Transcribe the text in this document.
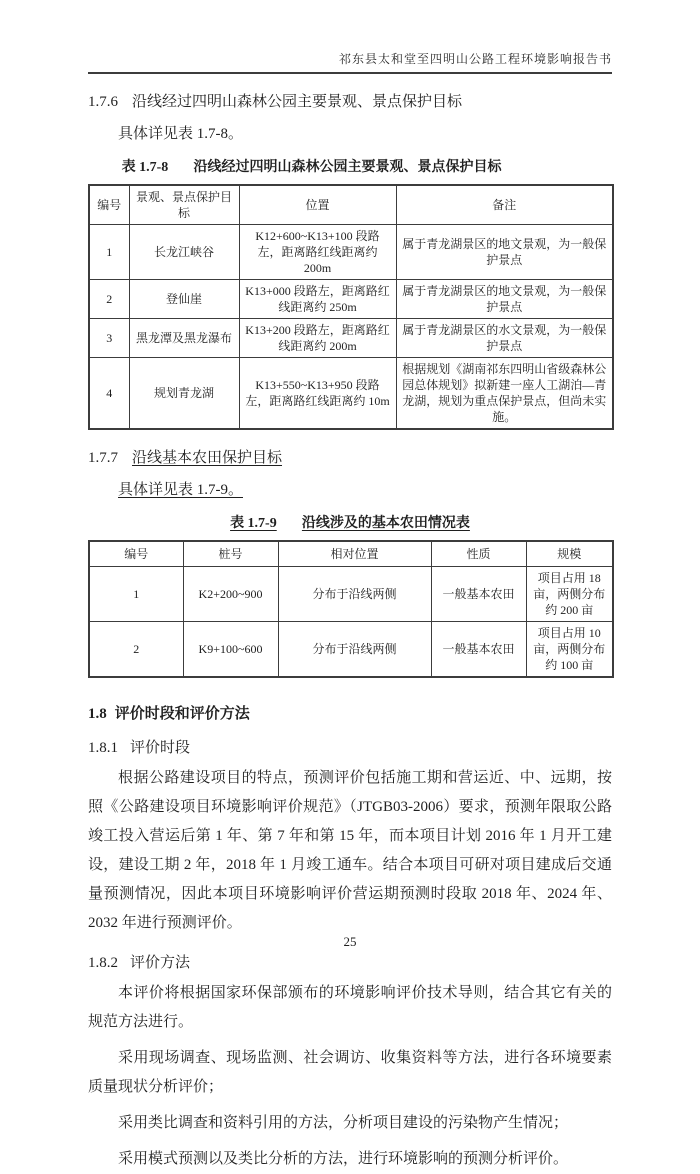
祁东县太和堂至四明山公路工程环境影响报告书
1.7.6 沿线经过四明山森林公园主要景观、景点保护目标
具体详见表 1.7-8。
表 1.7-8 沿线经过四明山森林公园主要景观、景点保护目标
编号	景观、景点保护目标	位置	备注
1	长龙江峡谷	K12+600~K13+100 段路左，距离路红线距离约 200m	属于青龙湖景区的地文景观，为一般保护景点
2	登仙崖	K13+000 段路左，距离路红线距离约 250m	属于青龙湖景区的地文景观，为一般保护景点
3	黑龙潭及黑龙瀑布	K13+200 段路左，距离路红线距离约 200m	属于青龙湖景区的水文景观，为一般保护景点
4	规划青龙湖	K13+550~K13+950 段路左，距离路红线距离约 10m	根据规划《湖南祁东四明山省级森林公园总体规划》拟新建一座人工湖泊—青龙湖，规划为重点保护景点，但尚未实施。
1.7.7 沿线基本农田保护目标
具体详见表 1.7-9。
表 1.7-9 沿线涉及的基本农田情况表
编号	桩号	相对位置	性质	规模
1	K2+200~900	分布于沿线两侧	一般基本农田	项目占用 18 亩，两侧分布约 200 亩
2	K9+100~600	分布于沿线两侧	一般基本农田	项目占用 10 亩，两侧分布约 100 亩
1.8 评价时段和评价方法
1.8.1 评价时段

根据公路建设项目的特点，预测评价包括施工期和营运近、中、远期，按照《公路建设项目环境影响评价规范》（JTGB03-2006）要求，预测年限取公路竣工投入营运后第 1 年、第 7 年和第 15 年，而本项目计划 2016 年 1 月开工建设，建设工期 2 年，2018 年 1 月竣工通车。结合本项目可研对项目建成后交通量预测情况，因此本项目环境影响评价营运期预测时段取 2018 年、2024 年、2032 年进行预测评价。

1.8.2 评价方法

本评价将根据国家环保部颁布的环境影响评价技术导则，结合其它有关的规范方法进行。

采用现场调查、现场监测、社会调访、收集资料等方法，进行各环境要素质量现状分析评价；

采用类比调查和资料引用的方法，分析项目建设的污染物产生情况；

采用模式预测以及类比分析的方法，进行环境影响的预测分析评价。

25
